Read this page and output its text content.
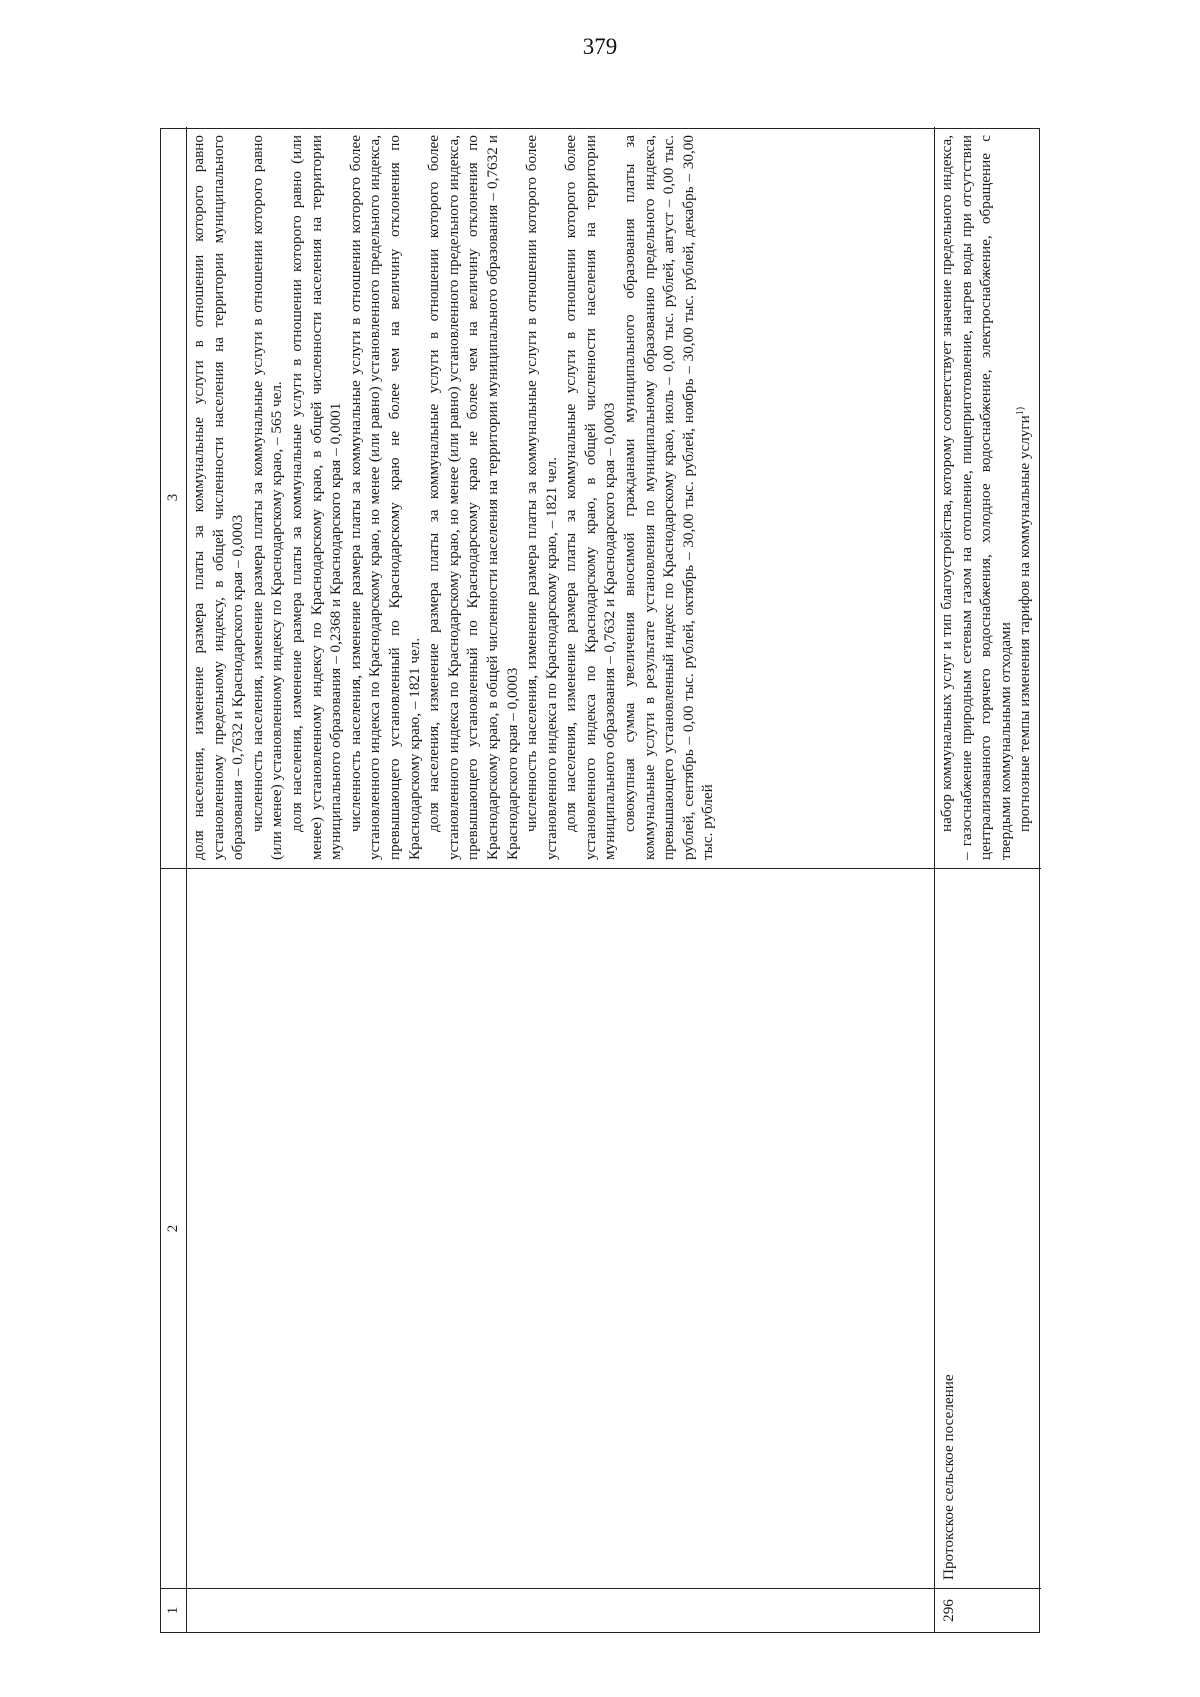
379
1
2
3 доля населения, изменение размера платы за коммунальные услуги в отношении которого равно установленному предельному индексу, в общей численности населения на территории муниципального образования – 0,7632 и Краснодарского края – 0,0003 численность населения, изменение размера платы за коммунальные услуги в отношении которого равно (или менее) установленному индексу по Краснодарскому краю, – 565 чел. доля населения, изменение размера платы за коммунальные услуги в отношении которого равно (или менее) установленному индексу по Краснодарскому краю, в общей численности населения на территории муниципального образования – 0,2368 и Краснодарского края – 0,0001 численность населения, изменение размера платы за коммунальные услуги в отношении которого более установленного индекса по Краснодарскому краю, но менее (или равно) установленного предельного индекса, превышающего установленный по Краснодарскому краю не более чем на величину отклонения по Краснодарскому краю, – 1821 чел. доля населения, изменение размера платы за коммунальные услуги в отношении которого более установленного индекса по Краснодарскому краю, но менее (или равно) установленного предельного индекса, превышающего установленный по Краснодарскому краю не более чем на величину отклонения по Краснодарскому краю, в общей численности населения на территории муниципального образования – 0,7632 и Краснодарского края – 0,0003 численность населения, изменение размера платы за коммунальные услуги в отношении которого более установленного индекса по Краснодарскому краю, – 1821 чел. доля населения, изменение размера платы за коммунальные услуги в отношении которого более установленного индекса по Краснодарскому краю, в общей численности населения на территории муниципального образования – 0,7632 и Краснодарского края – 0,0003 совокупная сумма увеличения вносимой гражданами муниципального образования платы за коммунальные услуги в результате установления по муниципальному образованию предельного индекса, превышающего установленный индекс по Краснодарскому краю, июль – 0,00 тыс. рублей, август – 0,00 тыс. рублей, сентябрь – 0,00 тыс. рублей, октябрь – 30,00 тыс. рублей, ноябрь – 30,00 тыс. рублей, декабрь – 30,00 тыс. рублей

296
Протокское сельское поселение

набор коммунальных услуг и тип благоустройства, которому соответствует значение предельного индекса, – газоснабжение природным сетевым газом на отопление, пищеприготовление, нагрев воды при отсутствии централизованного горячего водоснабжения, холодное водоснабжение, электроснабжение, обращение с твердыми коммунальными отходами прогнозные темпы изменения тарифов на коммунальные услуги$^{1)}$
